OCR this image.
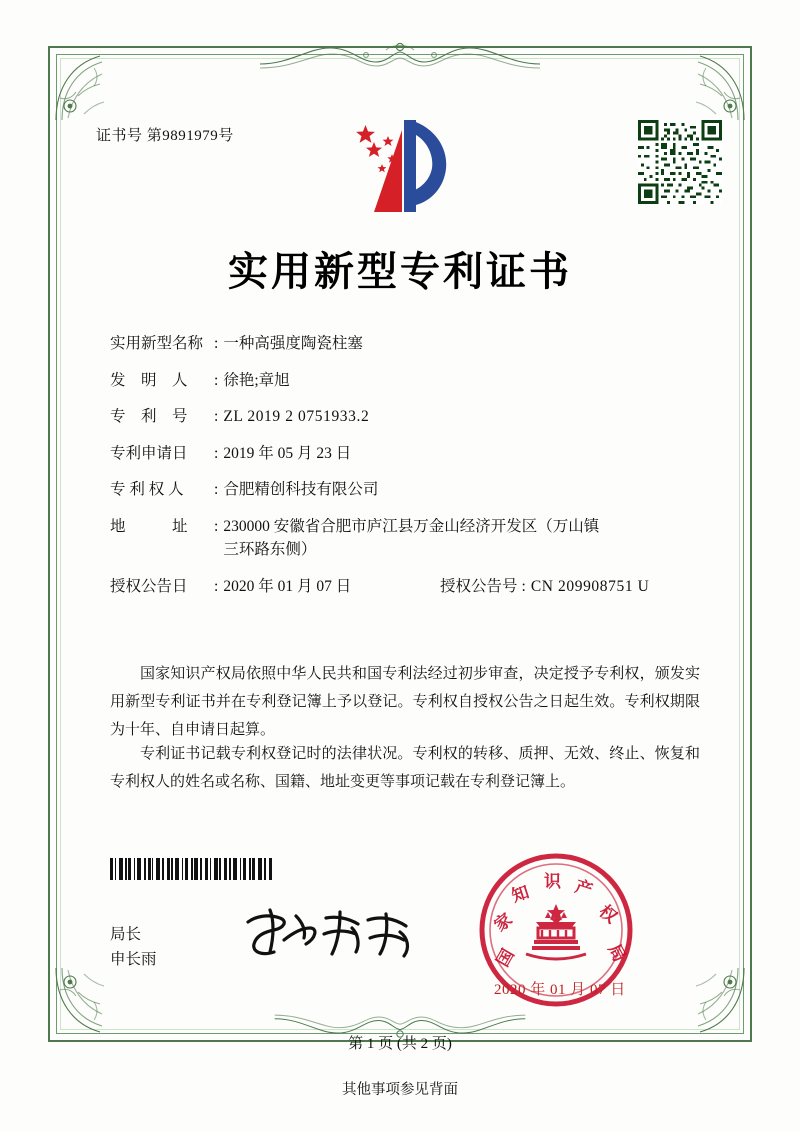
证书号 第9891979号
实用新型专利证书
实用新型名称 : 一种高强度陶瓷柱塞
发　明　人	: 徐艳;章旭
专　利　号	: ZL 2019 2 0751933.2
专利申请日	: 2019 年 05 月 23 日
专 利 权 人	: 合肥精创科技有限公司
地　　　址	: 230000 安徽省合肥市庐江县万金山经济开发区（万山镇
三环路东侧）
授权公告日	: 2020 年 01 月 07 日	授权公告号 : CN 209908751 U
国家知识产权局依照中华人民共和国专利法经过初步审查，决定授予专利权，颁发实用新型专利证书并在专利登记簿上予以登记。专利权自授权公告之日起生效。专利权期限为十年、自申请日起算。
专利证书记载专利权登记时的法律状况。专利权的转移、质押、无效、终止、恢复和专利权人的姓名或名称、国籍、地址变更等事项记载在专利登记簿上。
局长
申长雨	国
家
知
识 产
权
局
2020 年 01 月 07 日
第 1 页 (共 2 页)
其他事项参见背面
